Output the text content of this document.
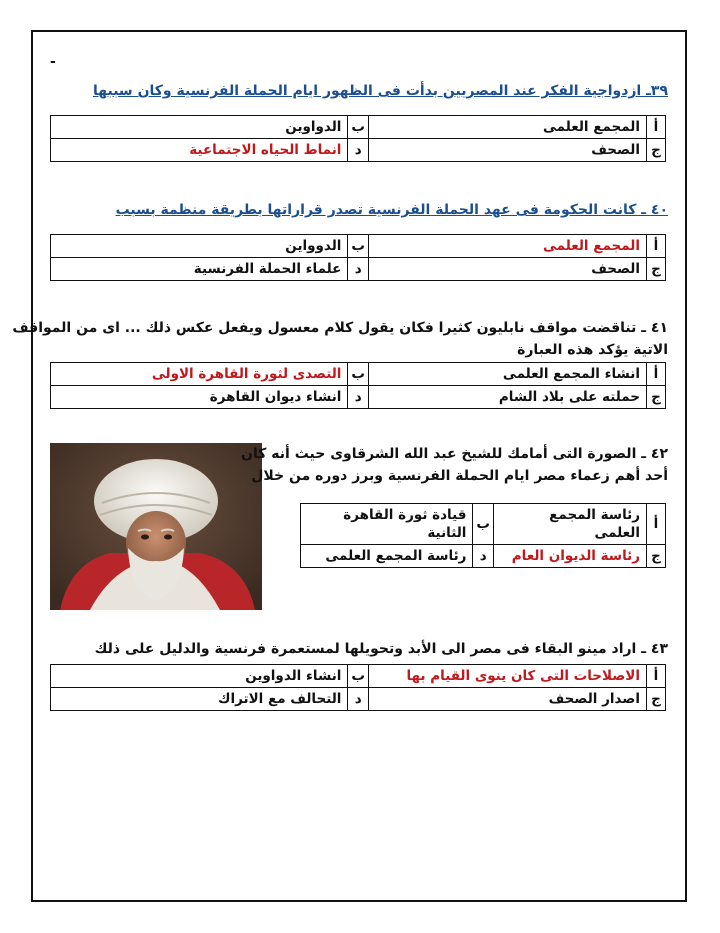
-

٣٩ـ ازدواجية الفكر عند المصريين بدأت فى الظهور ايام الحملة الفرنسية وكان سببها

أ	المجمع العلمى	ب	الدواوين
ج	الصحف	د	انماط الحياه الاجتماعية

٤٠ ـ كانت الحكومة فى عهد الحملة الفرنسية تصدر قراراتها بطريقة منظمة بسبب

أ	المجمع العلمى	ب	الدوواين
ج	الصحف	د	علماء الحملة الفرنسية

٤١ ـ تناقضت مواقف نابليون كثيرا فكان يقول كلام معسول ويفعل عكس ذلك ... اى من المواقف

الاتية يؤكد هذه العبارة

أ	انشاء المجمع العلمى	ب	التصدى لثورة القاهرة الاولى
ج	حملته على بلاد الشام	د	انشاء ديوان القاهرة

٤٢ ـ الصورة التى أمامك للشيخ عبد الله الشرقاوى حيث أنه كان

أحد أهم زعماء مصر ايام الحملة الفرنسية وبرز دوره من خلال

أ	رئاسة المجمع العلمى	ب	قيادة ثورة القاهرة الثانية
ج	رئاسة الديوان العام	د	رئاسة المجمع العلمى

٤٣ ـ اراد مينو البقاء فى مصر الى الأبد وتحويلها لمستعمرة فرنسية والدليل على ذلك

أ	الاصلاحات التى كان ينوى القيام بها	ب	انشاء الدواوين
ج	اصدار الصحف	د	التحالف مع الاتراك
